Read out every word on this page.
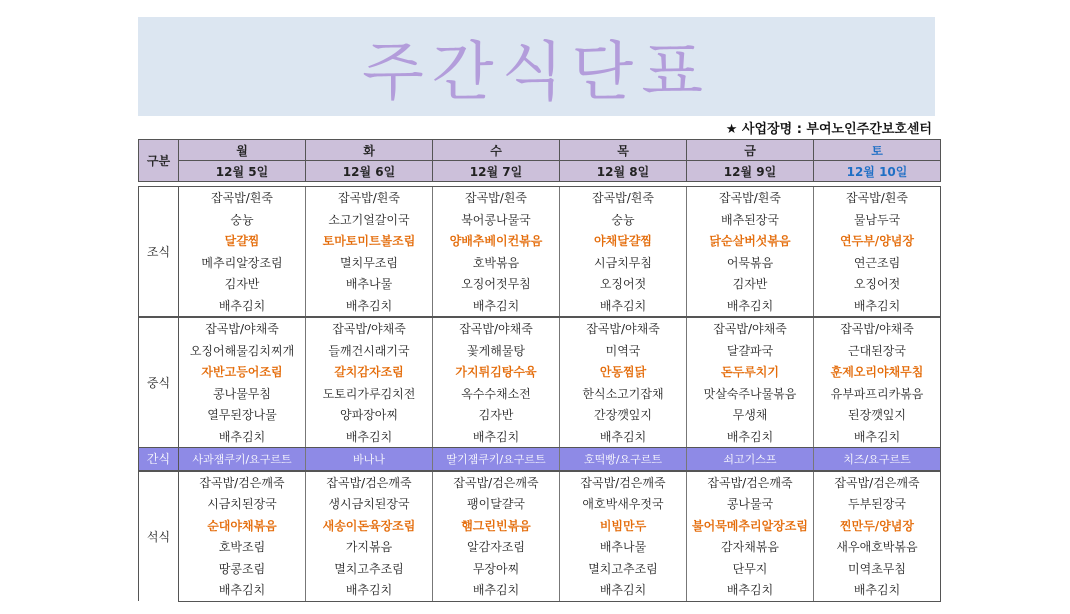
주간식단표
★ 사업장명 : 부여노인주간보호센터
구분	월	화	수	목	금	토
	12월 5일	12월 6일	12월 7일	12월 8일	12월 9일	12월 10일
조식	잡곡밥/흰죽	잡곡밥/흰죽	잡곡밥/흰죽	잡곡밥/흰죽	잡곡밥/흰죽	잡곡밥/흰죽
	숭늉	소고기얼갈이국	북어콩나물국	숭늉	배추된장국	물남두국
	달걀찜	토마토미트볼조림	양배추베이컨볶음	야채달걀찜	닭순살버섯볶음	연두부/양념장
	메추리알장조림	멸치무조림	호박볶음	시금치무침	어묵볶음	연근조림
	김자반	배추나물	오징어젓무침	오징어젓	김자반	오징어젓
	배추김치	배추김치	배추김치	배추김치	배추김치	배추김치
중식	잡곡밥/야채죽	잡곡밥/야채죽	잡곡밥/야채죽	잡곡밥/야채죽	잡곡밥/야채죽	잡곡밥/야채죽
	오징어해물김치찌개	들깨건시래기국	꽃게해물탕	미역국	달걀파국	근대된장국
	자반고등어조림	갈치감자조림	가지튀김탕수육	안동찜닭	돈두루치기	훈제오리야채무침
	콩나물무침	도토리가루김치전	옥수수채소전	한식소고기잡채	맛살숙주나물볶음	유부파프리카볶음
	열무된장나물	양파장아찌	김자반	간장깻잎지	무생채	된장깻잎지
	배추김치	배추김치	배추김치	배추김치	배추김치	배추김치
간식	사과잼쿠키/요구르트	바나나	딸기잼쿠키/요구르트	호떡빵/요구르트	쇠고기스프	치즈/요구르트
석식	잡곡밥/검은깨죽	잡곡밥/검은깨죽	잡곡밥/검은깨죽	잡곡밥/검은깨죽	잡곡밥/검은깨죽	잡곡밥/검은깨죽
	시금치된장국	생시금치된장국	팽이달걀국	애호박새우젓국	콩나물국	두부된장국
	순대야채볶음	새송이돈육장조림	햄그린빈볶음	비빔만두	불어묵메추리알장조림	찐만두/양념장
	호박조림	가지볶음	알감자조림	배추나물	감자채볶음	새우애호박볶음
	땅콩조림	멸치고추조림	무장아찌	멸치고추조림	단무지	미역초무침
	배추김치	배추김치	배추김치	배추김치	배추김치	배추김치
